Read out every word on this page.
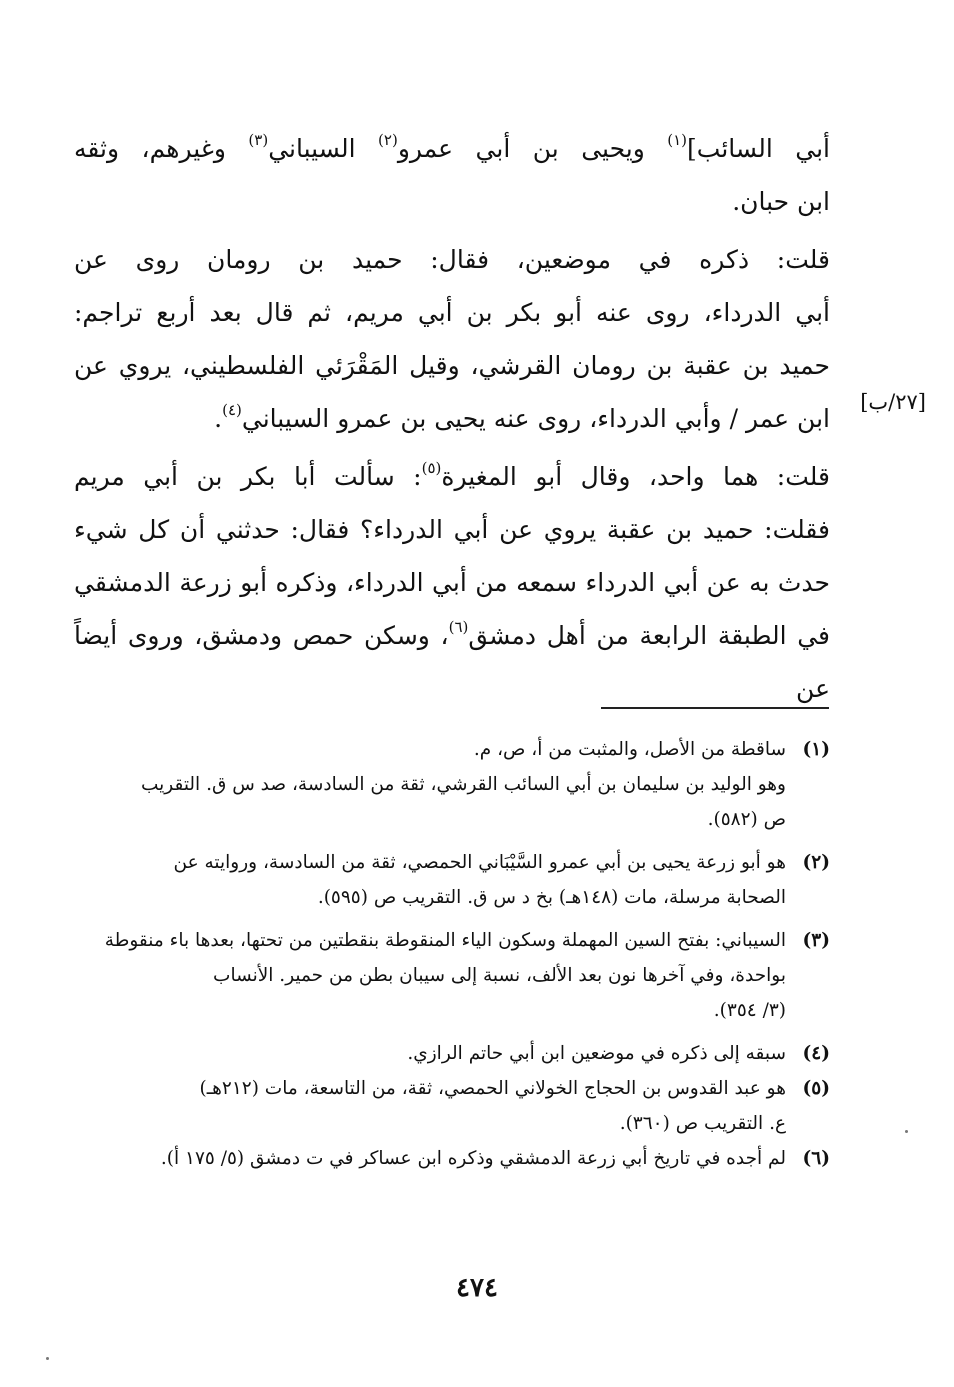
أبي السائب]$^{(١)}$ ويحيى بن أبي عمرو$^{(٢)}$ السيباني$^{(٣)}$ وغيرهم، وثقه
ابن حبان.

قلت: ذكره في موضعين، فقال: حميد بن رومان روى عن
أبي الدرداء، روى عنه أبو بكر بن أبي مريم، ثم قال بعد أربع تراجم:
حميد بن عقبة بن رومان القرشي، وقيل المَقْرَئي الفلسطيني، يروي عن
ابن عمر / وأبي الدرداء، روى عنه يحيى بن عمرو السيباني$^{(٤)}$.

قلت: هما واحد، وقال أبو المغيرة$^{(٥)}$: سألت أبا بكر بن أبي مريم
فقلت: حميد بن عقبة يروي عن أبي الدرداء؟ فقال: حدثني أن كل شيء
حدث به عن أبي الدرداء سمعه من أبي الدرداء، وذكره أبو زرعة الدمشقي
في الطبقة الرابعة من أهل دمشق$^{(٦)}$، وسكن حمص ودمشق، وروى أيضاً عن

[٢٧/ب]
(١)
ساقطة من الأصل، والمثبت من أ، ص، م.
وهو الوليد بن سليمان بن أبي السائب القرشي، ثقة من السادسة، صد س ق. التقريب
ص (٥٨٢).
(٢)
هو أبو زرعة يحيى بن أبي عمرو السَّيْبَاني الحمصي، ثقة من السادسة، وروايته عن
الصحابة مرسلة، مات (١٤٨هـ) بخ د س ق. التقريب ص (٥٩٥).
(٣)
السيباني: بفتح السين المهملة وسكون الياء المنقوطة بنقطتين من تحتها، بعدها باء منقوطة
بواحدة، وفي آخرها نون بعد الألف، نسبة إلى سيبان بطن من حمير. الأنساب
(٣/ ٣٥٤).
(٤)
سبقه إلى ذكره في موضعين ابن أبي حاتم الرازي.
(٥)
هو عبد القدوس بن الحجاج الخولاني الحمصي، ثقة، من التاسعة، مات (٢١٢هـ)
ع. التقريب ص (٣٦٠).
(٦)
لم أجده في تاريخ أبي زرعة الدمشقي وذكره ابن عساكر في ت دمشق (٥/ ١٧٥ أ).
٤٧٤
